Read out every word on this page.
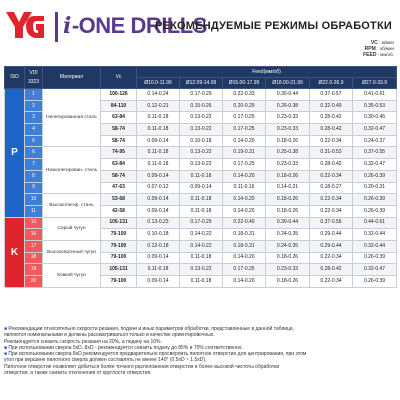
i-ONE DRILLS
РЕКОМЕНДУЕМЫЕ РЕЖИМЫ ОБРАБОТКИ
VC : м/мин
RPM : об/мин
FEED : мм/об.
ISO	VDI 3323	Материал	Vc	Feed(мм/об)					
				Ø10.0-11.99	Ø12.09-14.99	Ø15.00-17.99	Ø18.00-21.99	Ø22.0-26.9	Ø27.0-33.9
P	1	Нелегированная сталь	100-126	0.14-0.24	0.17-0.29	0.22-0.33	0.30-0.44	0.37-0.57	0.41-0.61
	2		84-110	0.12-0.21	0.15-0.26	0.20-0.29	0.26-0.38	0.32-0.49	0.35-0.53
	3		63-84	0.11-0.18	0.13-0.22	0.17-0.25	0.23-0.33	0.28-0.42	0.30-0.46
	4		58-74	0.11-0.18	0.13-0.22	0.17-0.25	0.23-0.33	0.28-0.42	0.32-0.47
	5		58-74	0.09-0.14	0.10-0.18	0.14-0.20	0.18-0.26	0.22-0.34	0.24-0.37
	6	Низколегирован. сталь	74-95	0.11-0.18	0.13-0.22	0.19-0.31	0.25-0.38	0.31-0.53	0.37-0.55
	7		63-84	0.11-0.18	0.13-0.22	0.17-0.25	0.23-0.33	0.28-0.42	0.32-0.47
	8		58-74	0.09-0.14	0.11-0.18	0.14-0.20	0.18-0.26	0.22-0.34	0.26-0.39
	9		47-63	0.07-0.12	0.09-0.14	0.11-0.16	0.14-0.21	0.18-0.27	0.20-0.31
	10	Высоколегир. сталь	53-68	0.09-0.14	0.11-0.18	0.14-0.20	0.18-0.26	0.22-0.34	0.26-0.39
	11		42-58	0.09-0.14	0.11-0.18	0.14-0.20	0.18-0.26	0.22-0.34	0.26-0.39
K	15	Серый чугун	105-131	0.13-0.23	0.17-0.29	0.22-0.40	0.30-0.44	0.37-0.56	0.44-0.61
	16		79-100	0.10-0.18	0.14-0.22	0.18-0.31	0.24-0.35	0.29-0.44	0.32-0.44
	17	Высокопрочный чугун	79-100	0.12-0.18	0.14-0.22	0.18-0.31	0.24-0.35	0.29-0.44	0.32-0.44
	18		79-100	0.09-0.14	0.11-0.18	0.14-0.20	0.18-0.26	0.22-0.34	0.26-0.39
	19	Ковкий чугун	105-131	0.11-0.18	0.13-0.22	0.17-0.25	0.23-0.33	0.28-0.42	0.32-0.47
	20		79-100	0.09-0.14	0.11-0.18	0.14-0.20	0.18-0.26	0.22-0.34	0.26-0.39
■ Рекомендации относительно скорости резания, подачи и иных параметров обработки, представленные в данной таблице,
являются номинальными и должны рассматриваться только в качестве ориентировочных.
Рекомендуется снизить скорость резания на 20%, а подачу на 10%.
■ При использовании сверла 5xD, 8xD - рекомендуется снизить подачу до 85% и 70% соответственно.
■ При использовании сверла 8xD рекомендуется предварительно просверлить пилотное отверстие для центрирования, при этом
угол при вершине пилотного сверла должен составлять не менее 140° (0.5xD ~ 1.5xD).
Пилотное отверстие позволяет добиться более точного расположения отверстия и более высокой чистоты обработки
отверстия, а также снизить отклонения от круглости отверстия.
